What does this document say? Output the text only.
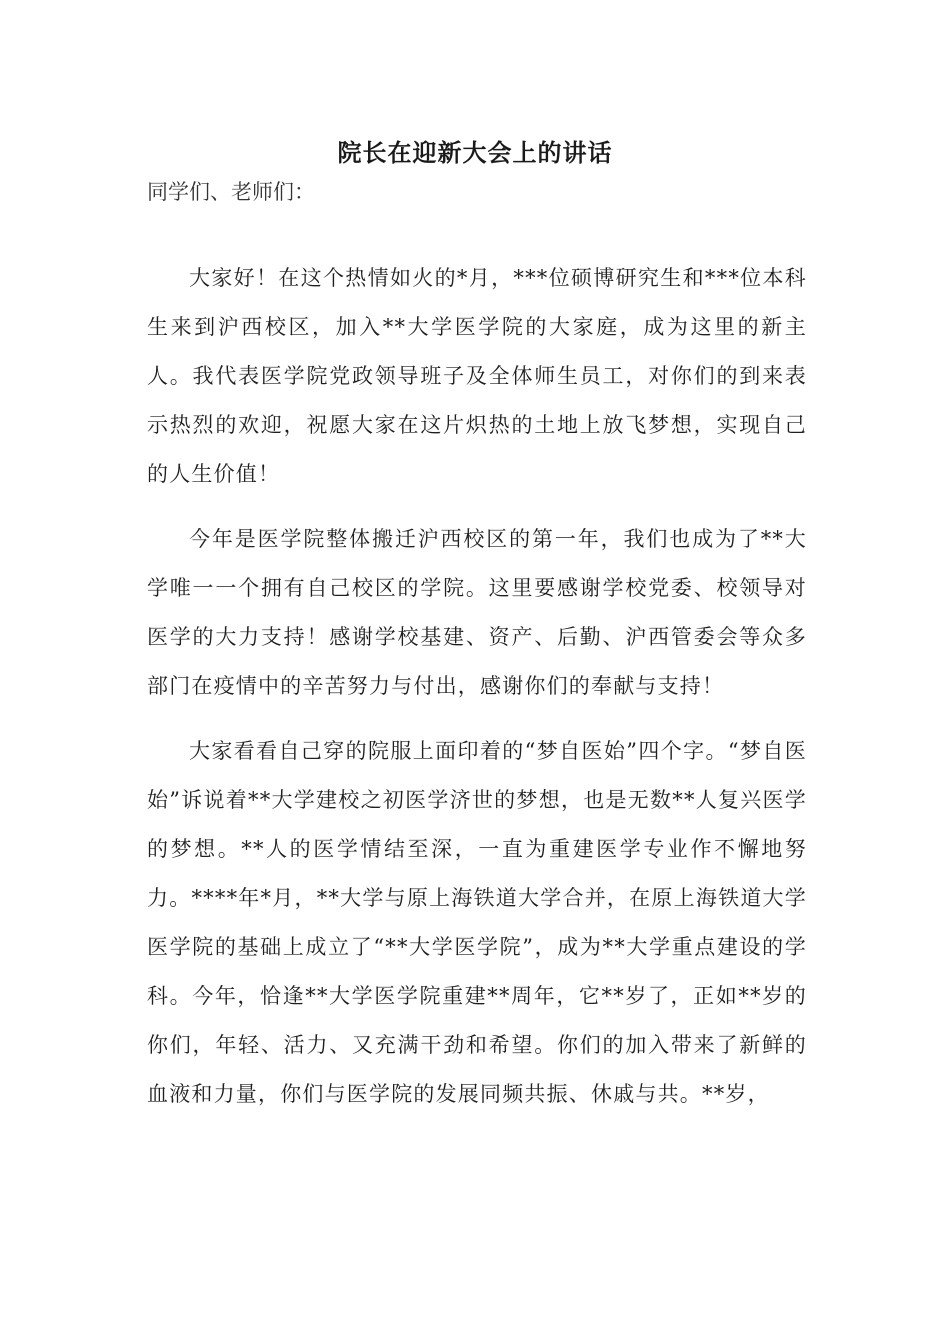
院长在迎新大会上的讲话

同学们、老师们：

大家好！在这个热情如火的*月，***位硕博研究生和***位本科生来到沪西校区，加入**大学医学院的大家庭，成为这里的新主人。我代表医学院党政领导班子及全体师生员工，对你们的到来表示热烈的欢迎，祝愿大家在这片炽热的土地上放飞梦想，实现自己的人生价值！

今年是医学院整体搬迁沪西校区的第一年，我们也成为了**大学唯一一个拥有自己校区的学院。这里要感谢学校党委、校领导对医学的大力支持！感谢学校基建、资产、后勤、沪西管委会等众多部门在疫情中的辛苦努力与付出，感谢你们的奉献与支持！

大家看看自己穿的院服上面印着的“梦自医始”四个字。“梦自医始”诉说着**大学建校之初医学济世的梦想，也是无数**人复兴医学的梦想。**人的医学情结至深，一直为重建医学专业作不懈地努力。****年*月，**大学与原上海铁道大学合并，在原上海铁道大学医学院的基础上成立了“**大学医学院”，成为**大学重点建设的学科。今年，恰逢**大学医学院重建**周年，它**岁了，正如**岁的你们，年轻、活力、又充满干劲和希望。你们的加入带来了新鲜的血液和力量，你们与医学院的发展同频共振、休戚与共。**岁，
